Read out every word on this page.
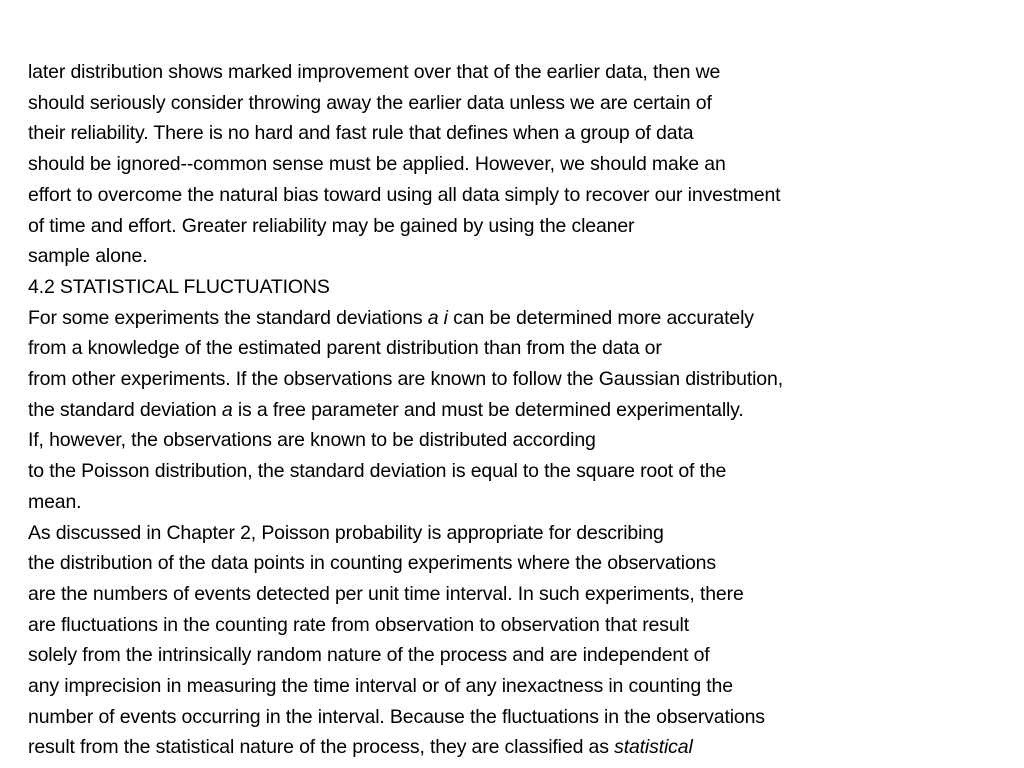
later distribution shows marked improvement over that of the earlier data, then we
should seriously consider throwing away the earlier data unless we are certain of
their reliability. There is no hard and fast rule that defines when a group of data
should be ignored--common sense must be applied. However, we should make an
effort to overcome the natural bias toward using all data simply to recover our investment
of time and effort. Greater reliability may be gained by using the cleaner
sample alone.
4.2 STATISTICAL FLUCTUATIONS
For some experiments the standard deviations a i can be determined more accurately
from a knowledge of the estimated parent distribution than from the data or
from other experiments. If the observations are known to follow the Gaussian distribution,
the standard deviation a is a free parameter and must be determined experimentally.
If, however, the observations are known to be distributed according
to the Poisson distribution, the standard deviation is equal to the square root of the
mean.
As discussed in Chapter 2, Poisson probability is appropriate for describing
the distribution of the data points in counting experiments where the observations
are the numbers of events detected per unit time interval. In such experiments, there
are fluctuations in the counting rate from observation to observation that result
solely from the intrinsically random nature of the process and are independent of
any imprecision in measuring the time interval or of any inexactness in counting the
number of events occurring in the interval. Because the fluctuations in the observations
result from the statistical nature of the process, they are classified as statistical
